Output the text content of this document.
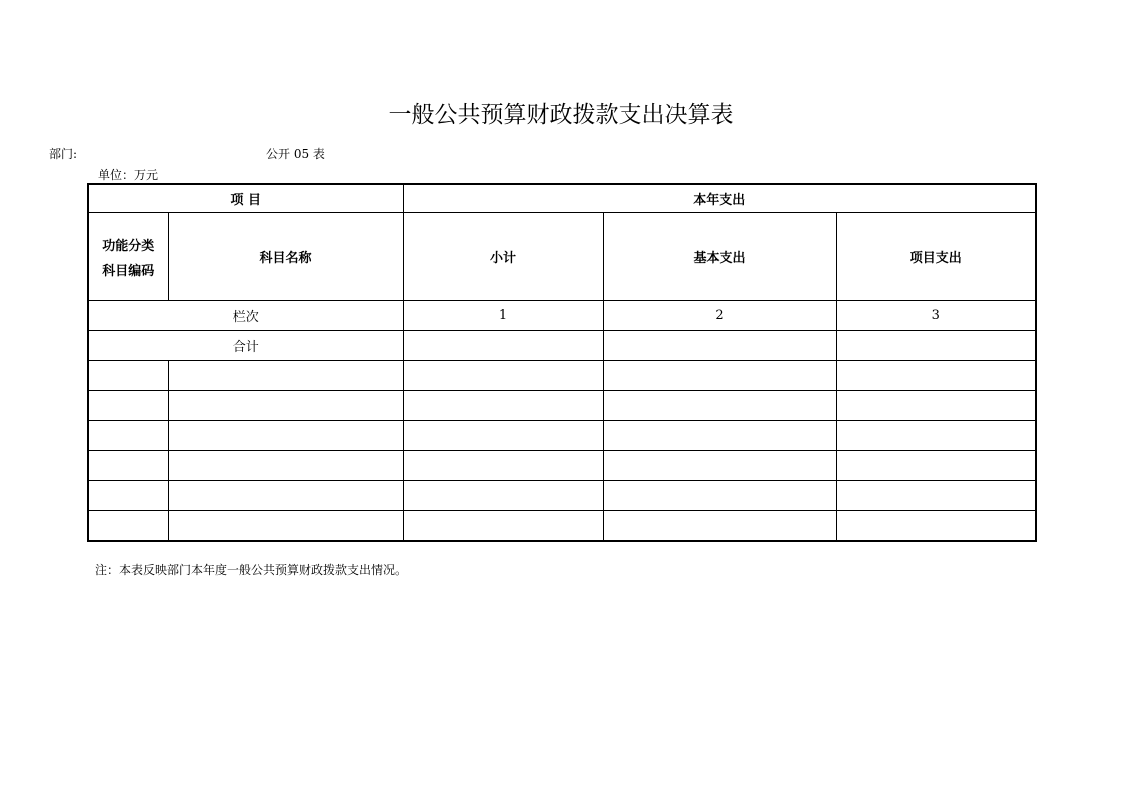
一般公共预算财政拨款支出决算表
部门:	公开 05 表
单位：万元
项 目		本年支出		

功能分类
科目编码	科目名称	小计	基本支出	项目支出
栏次		1	2	3
合计				

注：本表反映部门本年度一般公共预算财政拨款支出情况。
